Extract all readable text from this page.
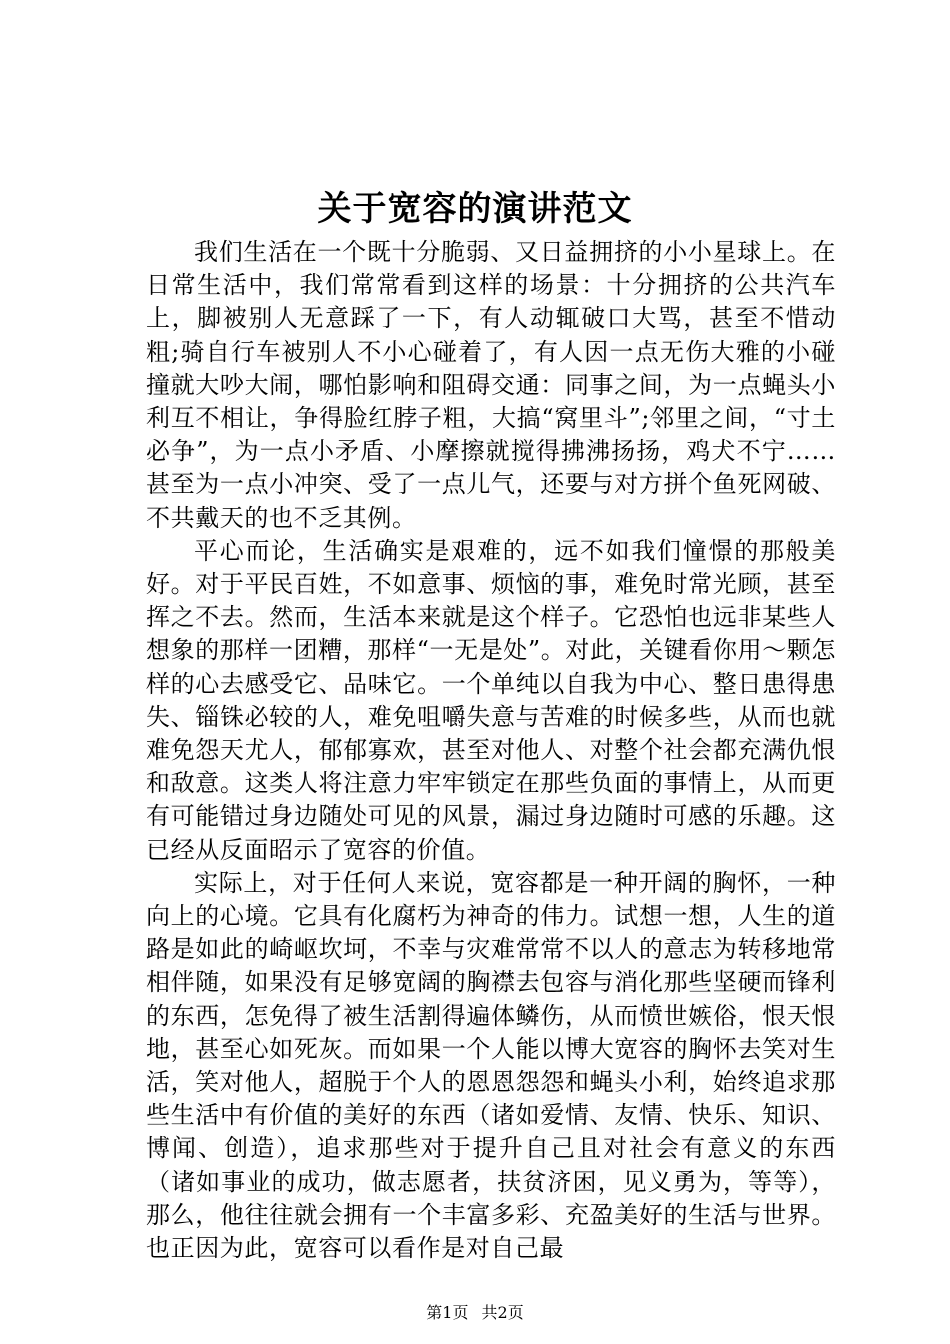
关于宽容的演讲范文

我们生活在一个既十分脆弱、又日益拥挤的小小星球上。在日常生活中，我们常常看到这样的场景：十分拥挤的公共汽车上，脚被别人无意踩了一下，有人动辄破口大骂，甚至不惜动粗;骑自行车被别人不小心碰着了，有人因一点无伤大雅的小碰撞就大吵大闹，哪怕影响和阻碍交通：同事之间，为一点蝇头小利互不相让，争得脸红脖子粗，大搞“窝里斗”;邻里之间，“寸土必争”，为一点小矛盾、小摩擦就搅得拂沸扬扬，鸡犬不宁……甚至为一点小冲突、受了一点儿气，还要与对方拼个鱼死网破、不共戴天的也不乏其例。

平心而论，生活确实是艰难的，远不如我们憧憬的那般美好。对于平民百姓，不如意事、烦恼的事，难免时常光顾，甚至挥之不去。然而，生活本来就是这个样子。它恐怕也远非某些人想象的那样一团糟，那样“一无是处”。对此，关键看你用～颗怎样的心去感受它、品味它。一个单纯以自我为中心、整日患得患失、锱铢必较的人，难免咀嚼失意与苦难的时候多些，从而也就难免怨天尤人，郁郁寡欢，甚至对他人、对整个社会都充满仇恨和敌意。这类人将注意力牢牢锁定在那些负面的事情上，从而更有可能错过身边随处可见的风景，漏过身边随时可感的乐趣。这已经从反面昭示了宽容的价值。

实际上，对于任何人来说，宽容都是一种开阔的胸怀，一种向上的心境。它具有化腐朽为神奇的伟力。试想一想，人生的道路是如此的崎岖坎坷，不幸与灾难常常不以人的意志为转移地常相伴随，如果没有足够宽阔的胸襟去包容与消化那些坚硬而锋利的东西，怎免得了被生活割得遍体鳞伤，从而愤世嫉俗，恨天恨地，甚至心如死灰。而如果一个人能以博大宽容的胸怀去笑对生活，笑对他人，超脱于个人的恩恩怨怨和蝇头小利，始终追求那些生活中有价值的美好的东西（诸如爱情、友情、快乐、知识、博闻、创造），追求那些对于提升自己且对社会有意义的东西（诸如事业的成功，做志愿者，扶贫济困，见义勇为，等等），那么，他往往就会拥有一个丰富多彩、充盈美好的生活与世界。也正因为此，宽容可以看作是对自己最

第1页 共2页
